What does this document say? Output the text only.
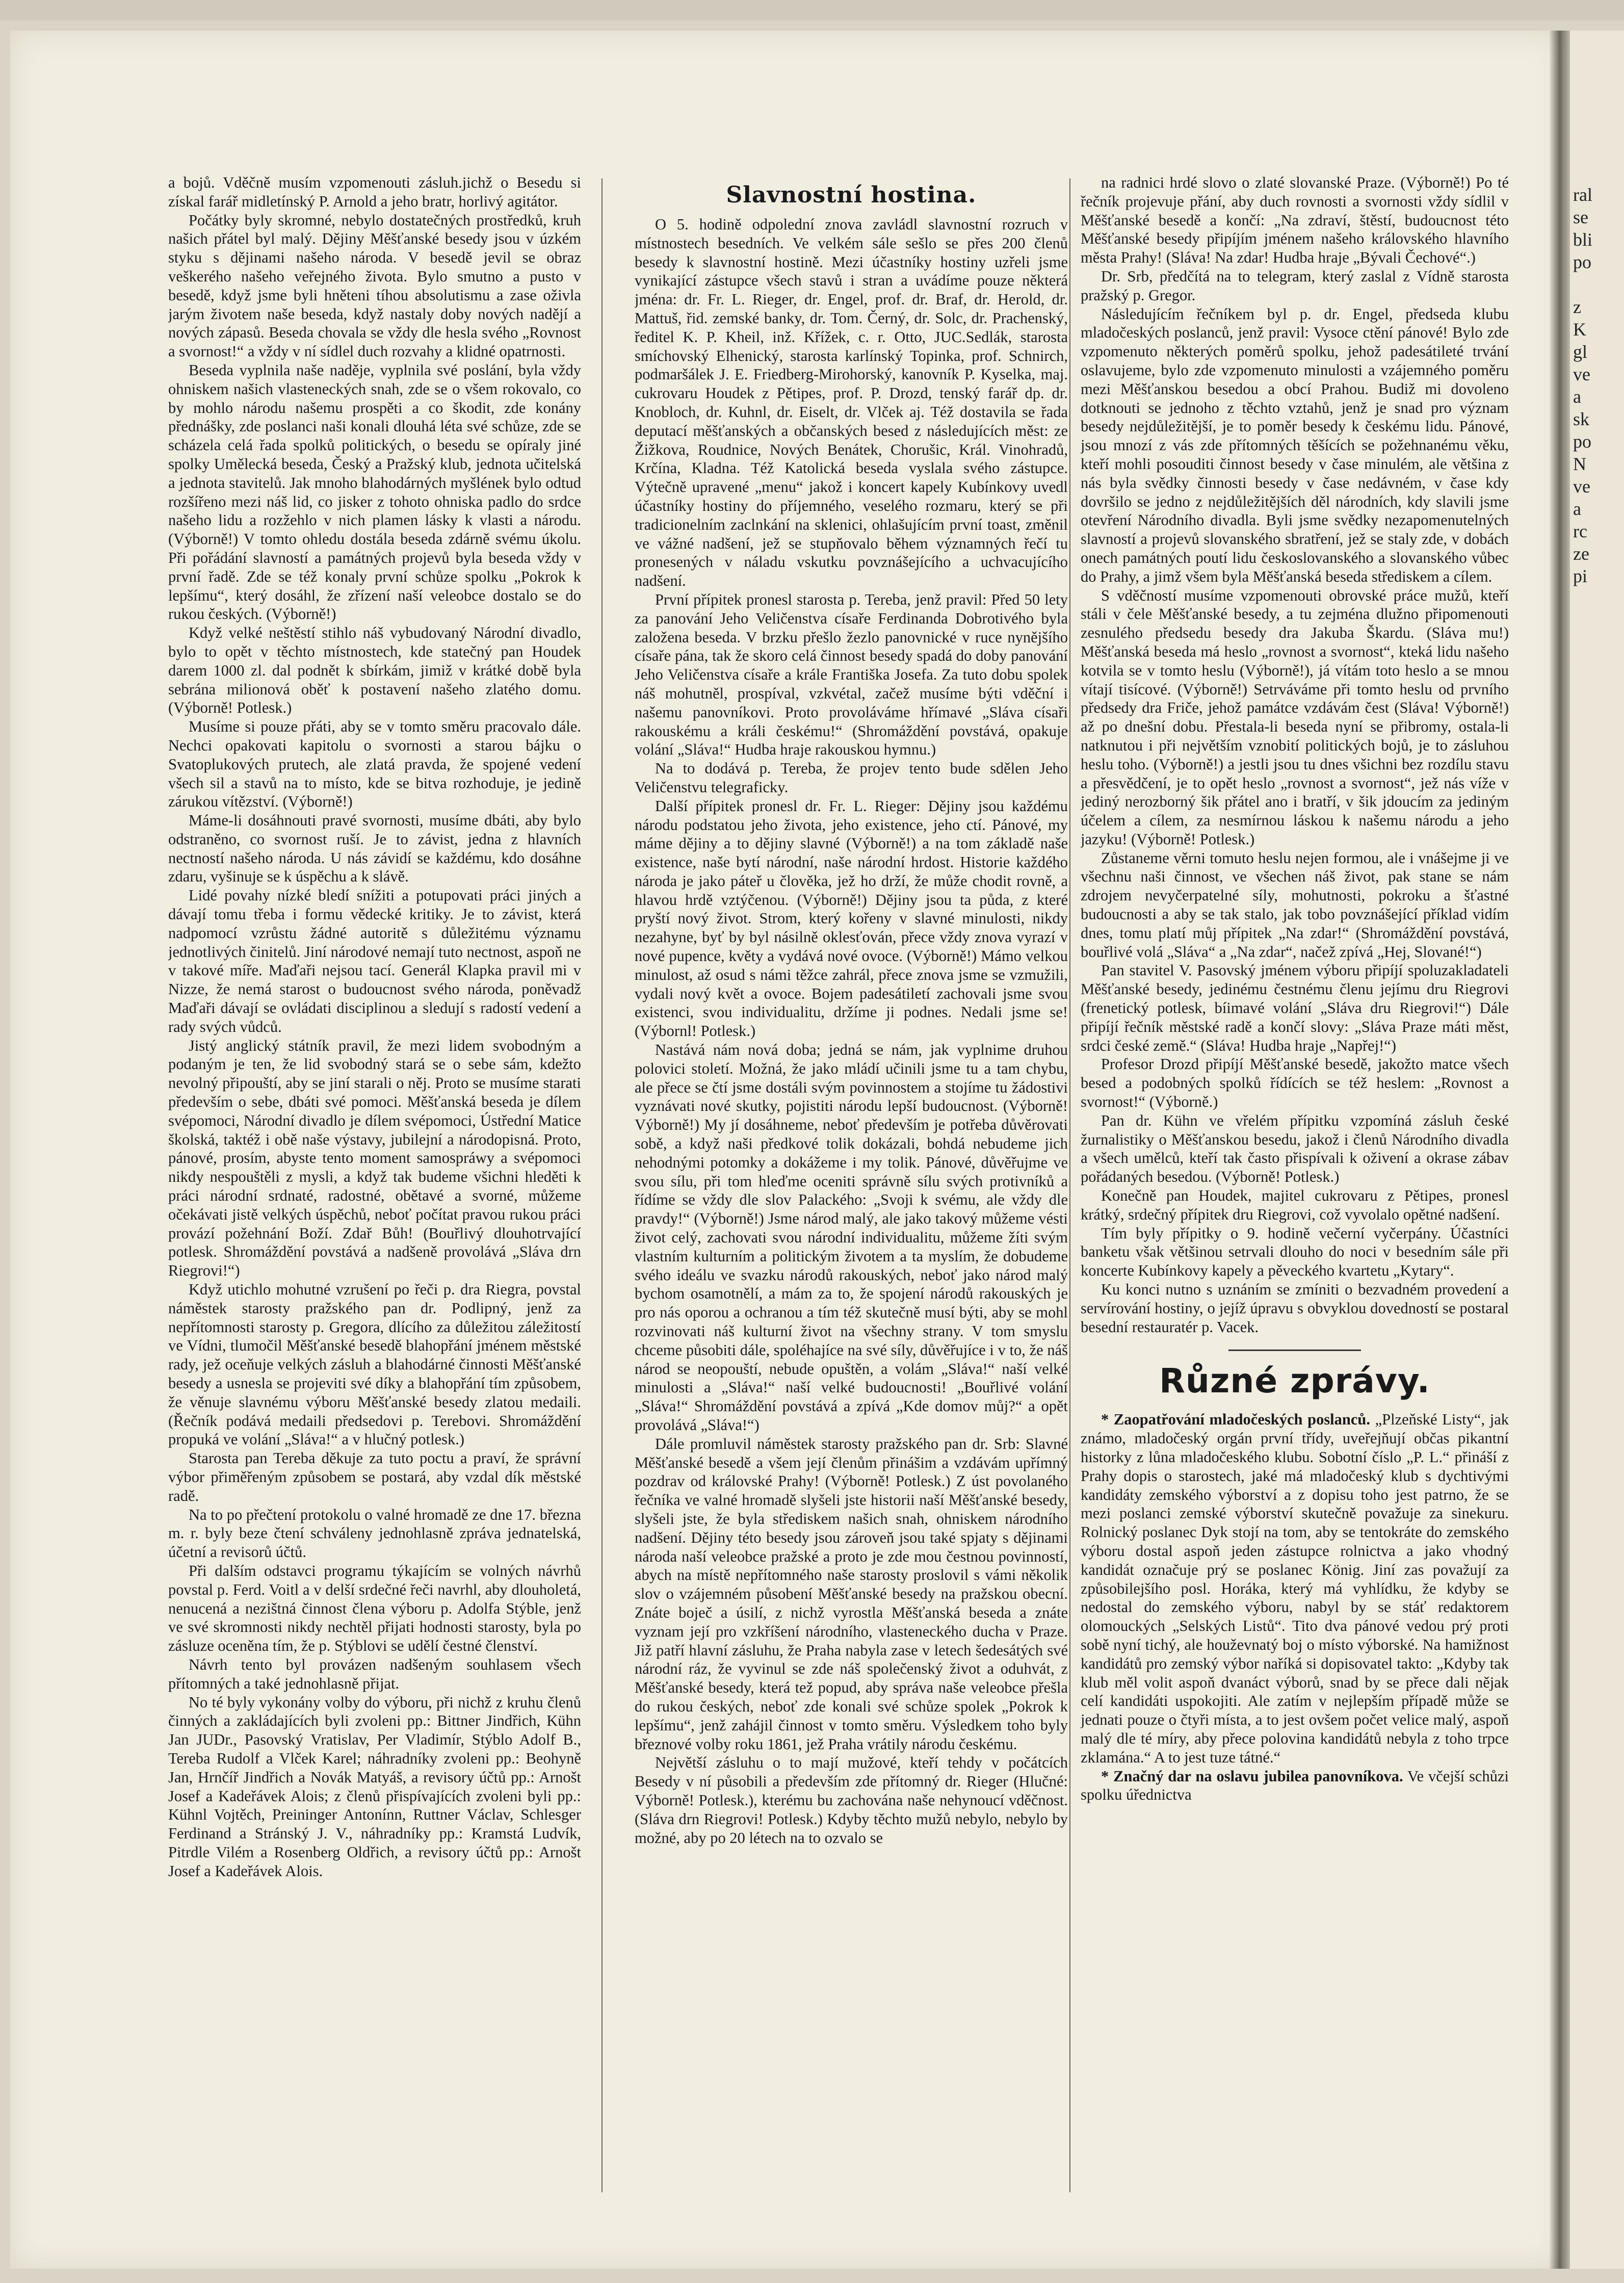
ral
se
bli
po
z
K
gl
ve
a
sk
po
N
ve
a
rc
ze
pi

a bojů. Vděčně musím vzpomenouti zásluh.jichž o Besedu si získal farář midletínský P. Arnold a jeho bratr, horlivý agitátor.

Počátky byly skromné, nebylo dostatečných prostředků, kruh našich přátel byl malý. Dějiny Měšťanské besedy jsou v úzkém styku s dějinami našeho národa. V besedě jevil se obraz veškerého našeho veřejného života. Bylo smutno a pusto v besedě, když jsme byli hněteni tíhou absolutismu a zase oživla jarým životem naše beseda, když nastaly doby nových nadějí a nových zápasů. Beseda chovala se vždy dle hesla svého „Rovnost a svornost!“ a vždy v ní sídlel duch rozvahy a klidné opatrnosti.

Beseda vyplnila naše naděje, vyplnila své poslání, byla vždy ohniskem našich vlasteneckých snah, zde se o všem rokovalo, co by mohlo národu našemu prospěti a co škodit, zde konány přednášky, zde poslanci naši konali dlouhá léta své schůze, zde se scházela celá řada spolků politických, o besedu se opíraly jiné spolky Umělecká beseda, Český a Pražský klub, jednota učitelská a jednota stavitelů. Jak mnoho blahodárných myšlének bylo odtud rozšířeno mezi náš lid, co jisker z tohoto ohniska padlo do srdce našeho lidu a rozžehlo v nich plamen lásky k vlasti a národu. (Výborně!) V tomto ohledu dostála beseda zdárně svému úkolu. Při pořádání slavností a památných projevů byla beseda vždy v první řadě. Zde se též konaly první schůze spolku „Pokrok k lepšímu“, který dosáhl, že zřízení naší veleobce dostalo se do rukou českých. (Výborně!)

Když velké neštěstí stihlo náš vybudovaný Národní divadlo, bylo to opět v těchto místnostech, kde statečný pan Houdek darem 1000 zl. dal podnět k sbírkám, jimiž v krátké době byla sebrána milionová oběť k postavení našeho zlatého domu. (Výborně! Potlesk.)

Musíme si pouze přáti, aby se v tomto směru pracovalo dále. Nechci opakovati kapitolu o svornosti a starou bájku o Svatoplukových prutech, ale zlatá pravda, že spojené vedení všech sil a stavů na to místo, kde se bitva rozhoduje, je jedině zárukou vítězství. (Výborně!)

Máme-li dosáhnouti pravé svornosti, musíme dbáti, aby bylo odstraněno, co svornost ruší. Je to závist, jedna z hlavních nectností našeho národa. U nás závidí se každému, kdo dosáhne zdaru, vyšinuje se k úspěchu a k slávě.

Lidé povahy nízké bledí snížiti a potupovati práci jiných a dávají tomu třeba i formu vědecké kritiky. Je to závist, která nadpomocí vzrůstu žádné autoritě s důležitému významu jednotlivých činitelů. Jiní národové nemají tuto nectnost, aspoň ne v takové míře. Maďaři nejsou tací. Generál Klapka pravil mi v Nizze, že nemá starost o budoucnost svého národa, poněvadž Maďaři dávají se ovládati disciplinou a sledují s radostí vedení a rady svých vůdců.

Jistý anglický státník pravil, že mezi lidem svobodným a podaným je ten, že lid svobodný stará se o sebe sám, kdežto nevolný připouští, aby se jiní starali o něj. Proto se musíme starati především o sebe, dbáti své pomoci. Měšťanská beseda je dílem svépomoci, Národní divadlo je dílem svépomoci, Ústřední Matice školská, taktéž i obě naše výstavy, jubilejní a národopisná. Proto, pánové, prosím, abyste tento moment samospráwy a svépomoci nikdy nespouštěli z mysli, a když tak budeme všichni hleděti k práci národní srdnaté, radostné, obětavé a svorné, můžeme očekávati jistě velkých úspěchů, neboť počítat pravou rukou práci provází požehnání Boží. Zdař Bůh! (Bouřlivý dlouhotrvající potlesk. Shromáždění povstává a nadšeně provolává „Sláva drn Riegrovi!“)

Když utichlo mohutné vzrušení po řeči p. dra Riegra, povstal náměstek starosty pražského pan dr. Podlipný, jenž za nepřítomnosti starosty p. Gregora, dlícího za důležitou záležitostí ve Vídni, tlumočil Měšťanské besedě blahopřání jménem městské rady, jež oceňuje velkých zásluh a blahodárné činnosti Měšťanské besedy a usnesla se projeviti své díky a blahopřání tím způsobem, že věnuje slavnému výboru Měšťanské besedy zlatou medaili. (Řečník podává medaili předsedovi p. Terebovi. Shromáždění propuká ve volání „Sláva!“ a v hlučný potlesk.)

Starosta pan Tereba děkuje za tuto poctu a praví, že správní výbor přiměřeným způsobem se postará, aby vzdal dík městské radě.

Na to po přečtení protokolu o valné hromadě ze dne 17. března m. r. byly beze čtení schváleny jednohlasně zpráva jednatelská, účetní a revisorů účtů.

Při dalším odstavci programu týkajícím se volných návrhů povstal p. Ferd. Voitl a v delší srdečné řeči navrhl, aby dlouholetá, nenucená a nezištná činnost člena výboru p. Adolfa Stýble, jenž ve své skromnosti nikdy nechtěl přijati hodnosti starosty, byla po zásluze oceněna tím, že p. Stýblovi se udělí čestné členství.

Návrh tento byl provázen nadšeným souhlasem všech přítomných a také jednohlasně přijat.

No té byly vykonány volby do výboru, při nichž z kruhu členů činných a zakládajících byli zvoleni pp.: Bittner Jindřich, Kühn Jan JUDr., Pasovský Vratislav, Per Vladimír, Stýblo Adolf B., Tereba Rudolf a Vlček Karel; náhradníky zvoleni pp.: Beohyně Jan, Hrnčíř Jindřich a Novák Matyáš, a revisory účtů pp.: Arnošt Josef a Kadeřávek Alois; z členů přispívajících zvoleni byli pp.: Kühnl Vojtěch, Preininger Antonínn, Ruttner Václav, Schlesger Ferdinand a Stránský J. V., náhradníky pp.: Kramstá Ludvík, Pitrdle Vilém a Rosenberg Oldřich, a revisory účtů pp.: Arnošt Josef a Kadeřávek Alois.

Slavnostní hostina.

O 5. hodině odpolední znova zavládl slavnostní rozruch v místnostech besedních. Ve velkém sále sešlo se přes 200 členů besedy k slavnostní hostině. Mezi účastníky hostiny uzřeli jsme vynikající zástupce všech stavů i stran a uvádíme pouze některá jména: dr. Fr. L. Rieger, dr. Engel, prof. dr. Braf, dr. Herold, dr. Mattuš, řid. zemské banky, dr. Tom. Černý, dr. Solc, dr. Prachenský, ředitel K. P. Kheil, inž. Křížek, c. r. Otto, JUC.Sedlák, starosta smíchovský Elhenický, starosta karlínský Topinka, prof. Schnirch, podmaršálek J. E. Friedberg-Mirohorský, kanovník P. Kyselka, maj. cukrovaru Houdek z Pětipes, prof. P. Drozd, tenský farář dp. dr. Knobloch, dr. Kuhnl, dr. Eiselt, dr. Vlček aj. Též dostavila se řada deputací měšťanských a občanských besed z následujících měst: ze Žižkova, Roudnice, Nových Benátek, Chorušic, Král. Vinohradů, Krčína, Kladna. Též Katolická beseda vyslala svého zástupce. Výtečně upravené „menu“ jakož i koncert kapely Kubínkovy uvedl účastníky hostiny do příjemného, veselého rozmaru, který se při tradicionelním zaclnkání na sklenici, ohlašujícím první toast, změnil ve vážné nadšení, jež se stupňovalo během významných řečí tu pronesených v náladu vskutku povznášejícího a uchvacujícího nadšení.

První přípitek pronesl starosta p. Tereba, jenž pravil: Před 50 lety za panování Jeho Veličenstva císaře Ferdinanda Dobrotivého byla založena beseda. V brzku přešlo žezlo panovnické v ruce nynějšího císaře pána, tak že skoro celá činnost besedy spadá do doby panování Jeho Veličenstva císaře a krále Františka Josefa. Za tuto dobu spolek náš mohutněl, prospíval, vzkvétal, začež musíme býti vděční i našemu panovníkovi. Proto provoláváme hřímavé „Sláva císaři rakouskému a králi českému!“ (Shromáždění povstává, opakuje volání „Sláva!“ Hudba hraje rakouskou hymnu.)

Na to dodává p. Tereba, že projev tento bude sdělen Jeho Veličenstvu telegraficky.

Další přípitek pronesl dr. Fr. L. Rieger: Dějiny jsou každému národu podstatou jeho života, jeho existence, jeho ctí. Pánové, my máme dějiny a to dějiny slavné (Výborně!) a na tom základě naše existence, naše bytí národní, naše národní hrdost. Historie každého národa je jako páteř u člověka, jež ho drží, že může chodit rovně, a hlavou hrdě vztýčenou. (Výborně!) Dějiny jsou ta půda, z které pryští nový život. Strom, který kořeny v slavné minulosti, nikdy nezahyne, byť by byl násilně oklesťován, přece vždy znova vyrazí v nové pupence, květy a vydává nové ovoce. (Výborně!) Mámo velkou minulost, až osud s námi těžce zahrál, přece znova jsme se vzmužili, vydali nový květ a ovoce. Bojem padesátiletí zachovali jsme svou existenci, svou individualitu, držíme ji podnes. Nedali jsme se! (Výbornl! Potlesk.)

Nastává nám nová doba; jedná se nám, jak vyplnime druhou polovici století. Možná, že jako mládí učinili jsme tu a tam chybu, ale přece se čtí jsme dostáli svým povinnostem a stojíme tu žádostivi vyznávati nové skutky, pojistiti národu lepší budoucnost. (Výborně! Výborně!) My jí dosáhneme, neboť především je potřeba důvěrovati sobě, a když naši předkové tolik dokázali, bohdá nebudeme jich nehodnými potomky a dokážeme i my tolik. Pánové, důvěřujme ve svou sílu, při tom hleďme oceniti správně sílu svých protivníků a řídíme se vždy dle slov Palackého: „Svoji k svému, ale vždy dle pravdy!“ (Výborně!) Jsme národ malý, ale jako takový můžeme vésti život celý, zachovati svou národní individualitu, můžeme žíti svým vlastním kulturním a politickým životem a ta myslím, že dobudeme svého ideálu ve svazku národů rakouských, neboť jako národ malý bychom osamotnělí, a mám za to, že spojení národů rakouských je pro nás oporou a ochranou a tím též skutečně musí býti, aby se mohl rozvinovati náš kulturní život na všechny strany. V tom smyslu chceme působiti dále, spoléhajíce na své síly, důvěřujíce i v to, že náš národ se neopouští, nebude opuštěn, a volám „Sláva!“ naší velké minulosti a „Sláva!“ naší velké budoucnosti! „Bouřlivé volání „Sláva!“ Shromáždění povstává a zpívá „Kde domov můj?“ a opět provolává „Sláva!“)

Dále promluvil náměstek starosty pražského pan dr. Srb: Slavné Měšťanské besedě a všem její členům přinášim a vzdávám upřímný pozdrav od královské Prahy! (Výborně! Potlesk.) Z úst povolaného řečníka ve valné hromadě slyšeli jste historii naší Měšťanské besedy, slyšeli jste, že byla střediskem našich snah, ohniskem národního nadšení. Dějiny této besedy jsou zároveň jsou také spjaty s dějinami národa naší veleobce pražské a proto je zde mou čestnou povinností, abych na místě nepřítomného naše starosty proslovil s vámi několik slov o vzájemném působení Měšťanské besedy na pražskou obecní. Znáte boječ a úsilí, z nichž vyrostla Měšťanská beseda a znáte vyznam její pro vzkříšení národního, vlasteneckého ducha v Praze. Již patří hlavní zásluhu, že Praha nabyla zase v letech šedesátých své národní ráz, že vyvinul se zde náš společenský život a oduhvát, z Měšťanské besedy, která tež popud, aby správa naše veleobce přešla do rukou českých, neboť zde konali své schůze spolek „Pokrok k lepšímu“, jenž zahájil činnost v tomto směru. Výsledkem toho byly březnové volby roku 1861, jež Praha vrátily národu českému.

Největší zásluhu o to mají mužové, kteří tehdy v počátcích Besedy v ní působili a především zde přítomný dr. Rieger (Hlučné: Výborně! Potlesk.), kterému bu zachována naše nehynoucí vděčnost. (Sláva drn Riegrovi! Potlesk.) Kdyby těchto mužů nebylo, nebylo by možné, aby po 20 létech na to ozvalo se

na radnici hrdé slovo o zlaté slovanské Praze. (Výborně!) Po té řečník projevuje přání, aby duch rovnosti a svornosti vždy sídlil v Měšťanské besedě a končí: „Na zdraví, štěstí, budoucnost této Měšťanské besedy připíjím jménem našeho královského hlavního města Prahy! (Sláva! Na zdar! Hudba hraje „Bývali Čechové“.)

Dr. Srb, předčítá na to telegram, který zaslal z Vídně starosta pražský p. Gregor.

Následujícím řečníkem byl p. dr. Engel, předseda klubu mladočeských poslanců, jenž pravil: Vysoce ctění pánové! Bylo zde vzpomenuto některých poměrů spolku, jehož padesátileté trvání oslavujeme, bylo zde vzpomenuto minulosti a vzájemného poměru mezi Měšťanskou besedou a obcí Prahou. Budiž mi dovoleno dotknouti se jednoho z těchto vztahů, jenž je snad pro význam besedy nejdůležitější, je to poměr besedy k českému lidu. Pánové, jsou mnozí z vás zde přítomných těšících se požehnanému věku, kteří mohli posouditi činnost besedy v čase minulém, ale většina z nás byla svědky činnosti besedy v čase nedávném, v čase kdy dovršilo se jedno z nejdůležitějších děl národních, kdy slavili jsme otevření Národního divadla. Byli jsme svědky nezapomenutelných slavností a projevů slovanského sbratření, jež se staly zde, v dobách onech památných poutí lidu českoslovanského a slovanského vůbec do Prahy, a jimž všem byla Měšťanská beseda střediskem a cílem.

S vděčností musíme vzpomenouti obrovské práce mužů, kteří stáli v čele Měšťanské besedy, a tu zejména dlužno připomenouti zesnulého předsedu besedy dra Jakuba Škardu. (Sláva mu!) Měšťanská beseda má heslo „rovnost a svornost“, kteká lidu našeho kotvila se v tomto heslu (Výborně!), já vítám toto heslo a se mnou vítají tisícové. (Výborně!) Setrváváme při tomto heslu od prvního předsedy dra Friče, jehož památce vzdávám čest (Sláva! Výborně!) až po dnešní dobu. Přestala-li beseda nyní se přibromy, ostala-li natknutou i při největším vznobití politických bojů, je to zásluhou heslu toho. (Výborně!) a jestli jsou tu dnes všichni bez rozdílu stavu a přesvědčení, je to opět heslo „rovnost a svornost“, jež nás víže v jediný nerozborný šik přátel ano i bratří, v šik jdoucím za jediným účelem a cílem, za nesmírnou láskou k našemu národu a jeho jazyku! (Výborně! Potlesk.)

Zůstaneme věrni tomuto heslu nejen formou, ale i vnášejme ji ve všechnu naši činnost, ve všechen náš život, pak stane se nám zdrojem nevyčerpatelné síly, mohutnosti, pokroku a šťastné budoucnosti a aby se tak stalo, jak tobo povznášející příklad vidím dnes, tomu platí můj přípitek „Na zdar!“ (Shromáždění povstává, bouřlivé volá „Sláva“ a „Na zdar“, načež zpívá „Hej, Slované!“)

Pan stavitel V. Pasovský jménem výboru připíjí spoluzakladateli Měšťanské besedy, jedinému čestnému členu jejímu dru Riegrovi (frenetický potlesk, bíimavé volání „Sláva dru Riegrovi!“) Dále připíjí řečník městské radě a končí slovy: „Sláva Praze máti měst, srdci české země.“ (Sláva! Hudba hraje „Napřej!“)

Profesor Drozd připíjí Měšťanské besedě, jakožto matce všech besed a podobných spolků řídících se též heslem: „Rovnost a svornost!“ (Výborně.)

Pan dr. Kühn ve vřelém přípitku vzpomíná zásluh české žurnalistiky o Měšťanskou besedu, jakož i členů Národního divadla a všech umělců, kteří tak často přispívali k oživení a okrase zábav pořádaných besedou. (Výborně! Potlesk.)

Konečně pan Houdek, majitel cukrovaru z Pětipes, pronesl krátký, srdečný přípitek dru Riegrovi, což vyvolalo opětné nadšení.

Tím byly přípitky o 9. hodině večerní vyčerpány. Účastníci banketu však většinou setrvali dlouho do noci v besedním sále při koncerte Kubínkovy kapely a pěveckého kvartetu „Kytary“.

Ku konci nutno s uznáním se zmíniti o bezvadném provedení a servírování hostiny, o jejíž úpravu s obvyklou dovedností se postaral besední restauratér p. Vacek.

Různé zprávy.

* Zaopatřování mladočeských poslanců. „Plzeňské Listy“, jak známo, mladočeský orgán první třídy, uveřejňují občas pikantní historky z lůna mladočeského klubu. Sobotní číslo „P. L.“ přináší z Prahy dopis o starostech, jaké má mladočeský klub s dychtivými kandidáty zemského výborství a z dopisu toho jest patrno, že se mezi poslanci zemské výborství skutečně považuje za sinekuru. Rolnický poslanec Dyk stojí na tom, aby se tentokráte do zemského výboru dostal aspoň jeden zástupce rolnictva a jako vhodný kandidát označuje prý se poslanec König. Jiní zas považují za způsobilejšího posl. Horáka, který má vyhlídku, že kdyby se nedostal do zemského výboru, nabyl by se stáť redaktorem olomouckých „Selských Listů“. Tito dva pánové vedou prý proti sobě nyní tichý, ale houževnatý boj o místo výborské. Na hamižnost kandidátů pro zemský výbor naříká si dopisovatel takto: „Kdyby tak klub měl volit aspoň dvanáct výborů, snad by se přece dali nějak celí kandidáti uspokojiti. Ale zatím v nejlepším případě může se jednati pouze o čtyři místa, a to jest ovšem počet velice malý, aspoň malý dle té míry, aby přece polovina kandidátů nebyla z toho trpce zklamána.“ A to jest tuze tátné.“

* Značný dar na oslavu jubilea panovníkova. Ve včejší schůzi spolku úřednictva
